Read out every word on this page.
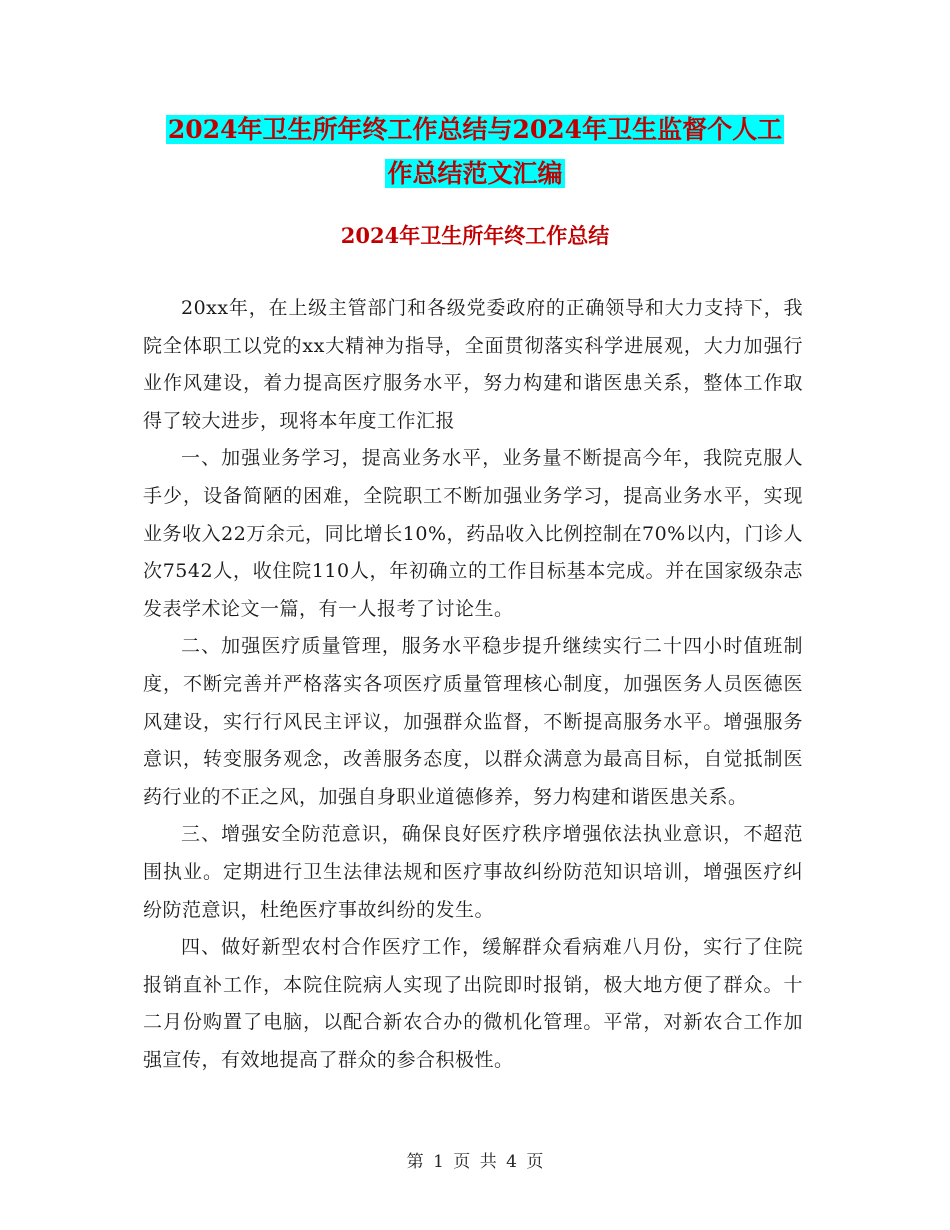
2024年卫生所年终工作总结与2024年卫生监督个人工
作总结范文汇编
2024年卫生所年终工作总结

20xx年，在上级主管部门和各级党委政府的正确领导和大力支持下，我院全体职工以党的xx大精神为指导，全面贯彻落实科学进展观，大力加强行业作风建设，着力提高医疗服务水平，努力构建和谐医患关系，整体工作取得了较大进步，现将本年度工作汇报

一、加强业务学习，提高业务水平，业务量不断提高今年，我院克服人手少，设备简陋的困难，全院职工不断加强业务学习，提高业务水平，实现业务收入22万余元，同比增长10%，药品收入比例控制在70%以内，门诊人次7542人，收住院110人，年初确立的工作目标基本完成。并在国家级杂志发表学术论文一篇，有一人报考了讨论生。

二、加强医疗质量管理，服务水平稳步提升继续实行二十四小时值班制度，不断完善并严格落实各项医疗质量管理核心制度，加强医务人员医德医风建设，实行行风民主评议，加强群众监督，不断提高服务水平。增强服务意识，转变服务观念，改善服务态度，以群众满意为最高目标，自觉抵制医药行业的不正之风，加强自身职业道德修养，努力构建和谐医患关系。

三、增强安全防范意识，确保良好医疗秩序增强依法执业意识，不超范围执业。定期进行卫生法律法规和医疗事故纠纷防范知识培训，增强医疗纠纷防范意识，杜绝医疗事故纠纷的发生。

四、做好新型农村合作医疗工作，缓解群众看病难八月份，实行了住院报销直补工作，本院住院病人实现了出院即时报销，极大地方便了群众。十二月份购置了电脑，以配合新农合办的微机化管理。平常，对新农合工作加强宣传，有效地提高了群众的参合积极性。

第 1 页 共 4 页
